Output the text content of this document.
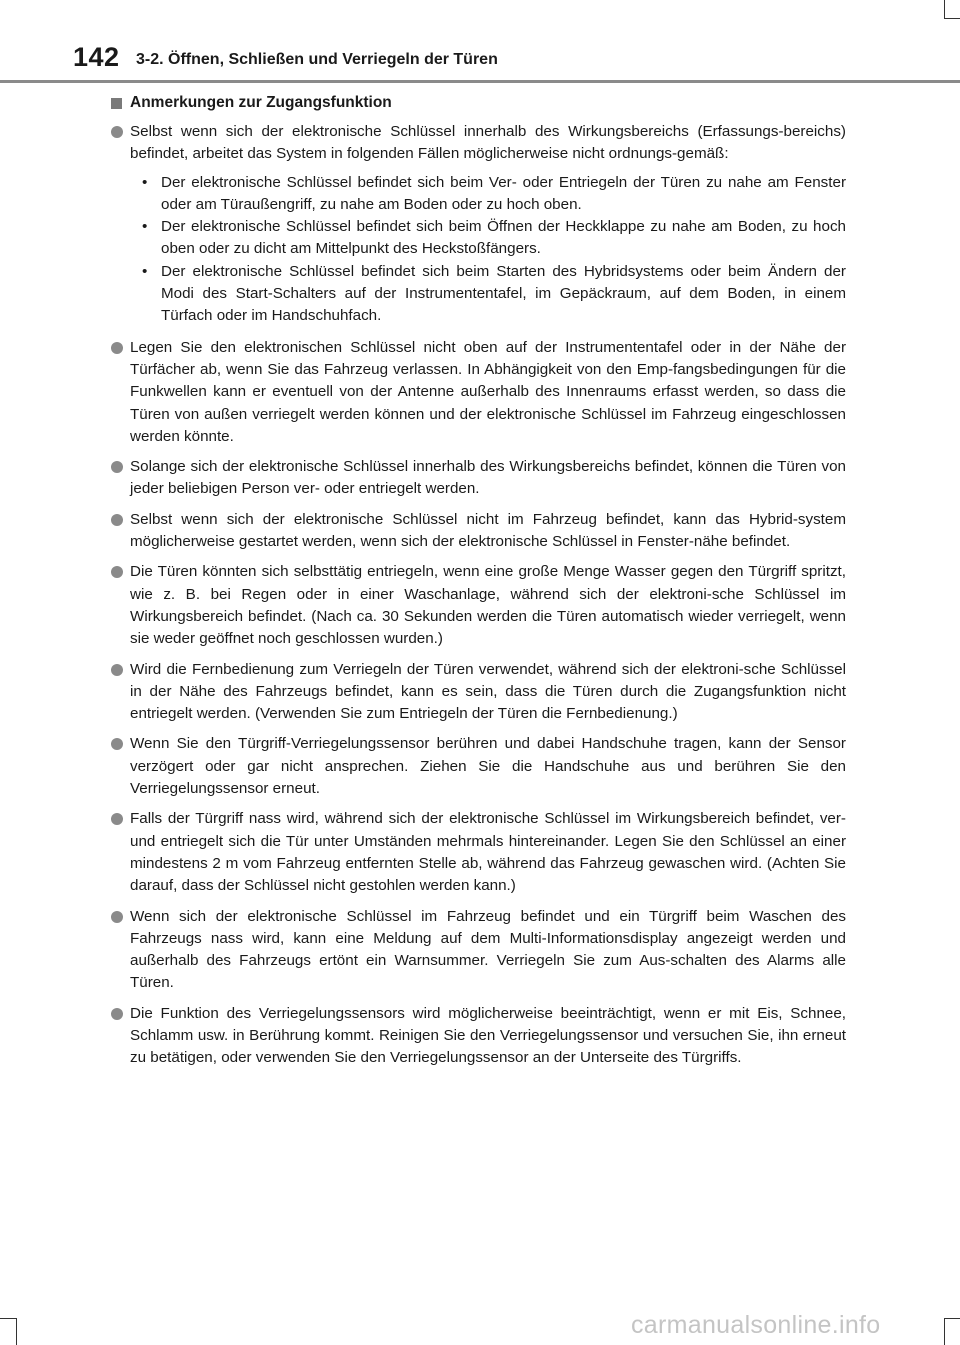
142 3-2. Öffnen, Schließen und Verriegeln der Türen
Anmerkungen zur Zugangsfunktion
Selbst wenn sich der elektronische Schlüssel innerhalb des Wirkungsbereichs (Erfassungs-bereichs) befindet, arbeitet das System in folgenden Fällen möglicherweise nicht ordnungs-gemäß:
• Der elektronische Schlüssel befindet sich beim Ver- oder Entriegeln der Türen zu nahe am Fenster oder am Türaußengriff, zu nahe am Boden oder zu hoch oben.
• Der elektronische Schlüssel befindet sich beim Öffnen der Heckklappe zu nahe am Boden, zu hoch oben oder zu dicht am Mittelpunkt des Heckstoßfängers.
• Der elektronische Schlüssel befindet sich beim Starten des Hybridsystems oder beim Ändern der Modi des Start-Schalters auf der Instrumententafel, im Gepäckraum, auf dem Boden, in einem Türfach oder im Handschuhfach.
Legen Sie den elektronischen Schlüssel nicht oben auf der Instrumententafel oder in der Nähe der Türfächer ab, wenn Sie das Fahrzeug verlassen. In Abhängigkeit von den Emp-fangsbedingungen für die Funkwellen kann er eventuell von der Antenne außerhalb des Innenraums erfasst werden, so dass die Türen von außen verriegelt werden können und der elektronische Schlüssel im Fahrzeug eingeschlossen werden könnte.
Solange sich der elektronische Schlüssel innerhalb des Wirkungsbereichs befindet, können die Türen von jeder beliebigen Person ver- oder entriegelt werden.
Selbst wenn sich der elektronische Schlüssel nicht im Fahrzeug befindet, kann das Hybrid-system möglicherweise gestartet werden, wenn sich der elektronische Schlüssel in Fenster-nähe befindet.
Die Türen könnten sich selbsttätig entriegeln, wenn eine große Menge Wasser gegen den Türgriff spritzt, wie z. B. bei Regen oder in einer Waschanlage, während sich der elektroni-sche Schlüssel im Wirkungsbereich befindet. (Nach ca. 30 Sekunden werden die Türen automatisch wieder verriegelt, wenn sie weder geöffnet noch geschlossen wurden.)
Wird die Fernbedienung zum Verriegeln der Türen verwendet, während sich der elektroni-sche Schlüssel in der Nähe des Fahrzeugs befindet, kann es sein, dass die Türen durch die Zugangsfunktion nicht entriegelt werden. (Verwenden Sie zum Entriegeln der Türen die Fernbedienung.)
Wenn Sie den Türgriff-Verriegelungssensor berühren und dabei Handschuhe tragen, kann der Sensor verzögert oder gar nicht ansprechen. Ziehen Sie die Handschuhe aus und berühren Sie den Verriegelungssensor erneut.
Falls der Türgriff nass wird, während sich der elektronische Schlüssel im Wirkungsbereich befindet, ver- und entriegelt sich die Tür unter Umständen mehrmals hintereinander. Legen Sie den Schlüssel an einer mindestens 2 m vom Fahrzeug entfernten Stelle ab, während das Fahrzeug gewaschen wird. (Achten Sie darauf, dass der Schlüssel nicht gestohlen werden kann.)
Wenn sich der elektronische Schlüssel im Fahrzeug befindet und ein Türgriff beim Waschen des Fahrzeugs nass wird, kann eine Meldung auf dem Multi-Informationsdisplay angezeigt werden und außerhalb des Fahrzeugs ertönt ein Warnsummer. Verriegeln Sie zum Aus-schalten des Alarms alle Türen.
Die Funktion des Verriegelungssensors wird möglicherweise beeinträchtigt, wenn er mit Eis, Schnee, Schlamm usw. in Berührung kommt. Reinigen Sie den Verriegelungssensor und versuchen Sie, ihn erneut zu betätigen, oder verwenden Sie den Verriegelungssensor an der Unterseite des Türgriffs.
carmanualsonline.info
